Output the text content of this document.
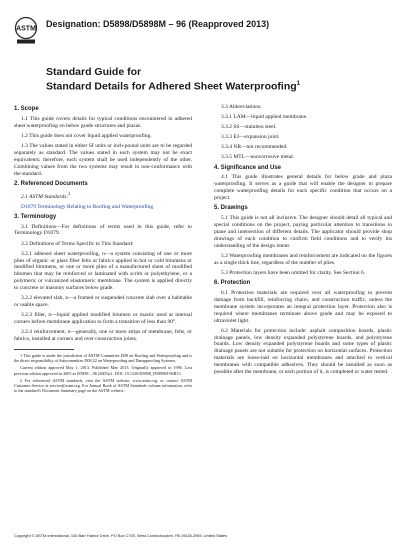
ASTM Designation: D5898/D5898M – 96 (Reapproved 2013)
Standard Guide for
Standard Details for Adhered Sheet Waterproofing$^1$
1. Scope

1.1 This guide covers details for typical conditions encountered in adhered sheet waterproofing on below grade structures and plazas.

1.2 This guide does not cover liquid applied waterproofing.

1.3 The values stated in either SI units or inch-pound units are to be regarded separately as standard. The values stated in each system may not be exact equivalents; therefore, each system shall be used independently of the other. Combining values from the two systems may result in non-conformance with the standard.

2. Referenced Documents

2.1 ASTM Standards:$^2$

D1079 Terminology Relating to Roofing and Waterproofing

3. Terminology

3.1 Definitions—For definitions of terms used in this guide, refer to Terminology D1079.

3.2 Definitions of Terms Specific to This Standard:

3.2.1 adhered sheet waterproofing, n—a system consisting of one or more plies of organic or glass fiber felts or fabrics applied in hot or cold bitumens or modified bitumens, or one or more plies of a manufactured sheet of modified bitumen that may be reinforced or laminated with scrim or polyethylene, or a polymeric or vulcanized elastomeric membrane. The system is applied directly to concrete or masonry surfaces below grade.

3.2.2 elevated slab, n—a framed or suspended concrete slab over a habitable or usable space.

3.2.3 fillet, n—liquid applied modified bitumen or mastic used at internal corners before membrane application to form a transition of less than 90°.

3.2.4 reinforcement, n—generally, one or more strips of membrane, felts, or fabrics, installed at corners and over construction joints.

1 This guide is under the jurisdiction of ASTM Committee D08 on Roofing and Waterproofing and is the direct responsibility of Subcommittee D08.22 on Waterproofing and Dampproofing Systems.

Current edition approved May 1, 2013. Published May 2013. Originally approved in 1996. Last previous edition approved in 2005 as D5898 – 96 (2005)ε1. DOI: 10.1520/D5898_D5898M-96R13.

2 For referenced ASTM standards, visit the ASTM website, www.astm.org, or contact ASTM Customer Service at service@astm.org. For Annual Book of ASTM Standards volume information, refer to the standard's Document Summary page on the ASTM website.

3.3 Abbreviations:

3.3.1 LAM—liquid applied membrane.

3.3.2 SS—stainless steel.

3.3.3 EJ—expansion joint.

3.3.4 NR—not recommended.

3.3.5 MTL—noncorrosive metal.

4. Significance and Use

4.1 This guide illustrates general details for below grade and plaza waterproofing. It serves as a guide that will enable the designer to prepare complete waterproofing details for each specific condition that occurs on a project.

5. Drawings

5.1 This guide is not all inclusive. The designer should detail all typical and special conditions on the project, paying particular attention to transitions in plane and intersection of different details. The applicator should provide shop drawings of each condition to confirm field conditions and to verify his understanding of the design intent.

5.2 Waterproofing membranes and reinforcement are indicated on the figures as a single thick line, regardless of the number of plies.

5.3 Protection layers have been omitted for clarity. See Section 6.

6. Protection

6.1 Protection materials are required over all waterproofing to prevent damage from backfill, reinforcing chairs, and construction traffic, unless the membrane system incorporates an integral protection layer. Protection also is required where membranes terminate above grade and may be exposed to ultraviolet light.

6.2 Materials for protection include: asphalt composition boards, plastic drainage panels, low density expanded polystyrene boards, and polystyrene boards. Low density expanded polystyrene boards and some types of plastic drainage panels are not suitable for protection on horizontal surfaces. Protection materials are loose-laid on horizontal membranes and attached to vertical membranes with compatible adhesives. They should be installed as soon as possible after the membrane, or each portion of it, is completed or water tested.

Copyright © ASTM International, 100 Barr Harbor Drive, PO Box C700, West Conshohocken, PA 19428-2959. United States
